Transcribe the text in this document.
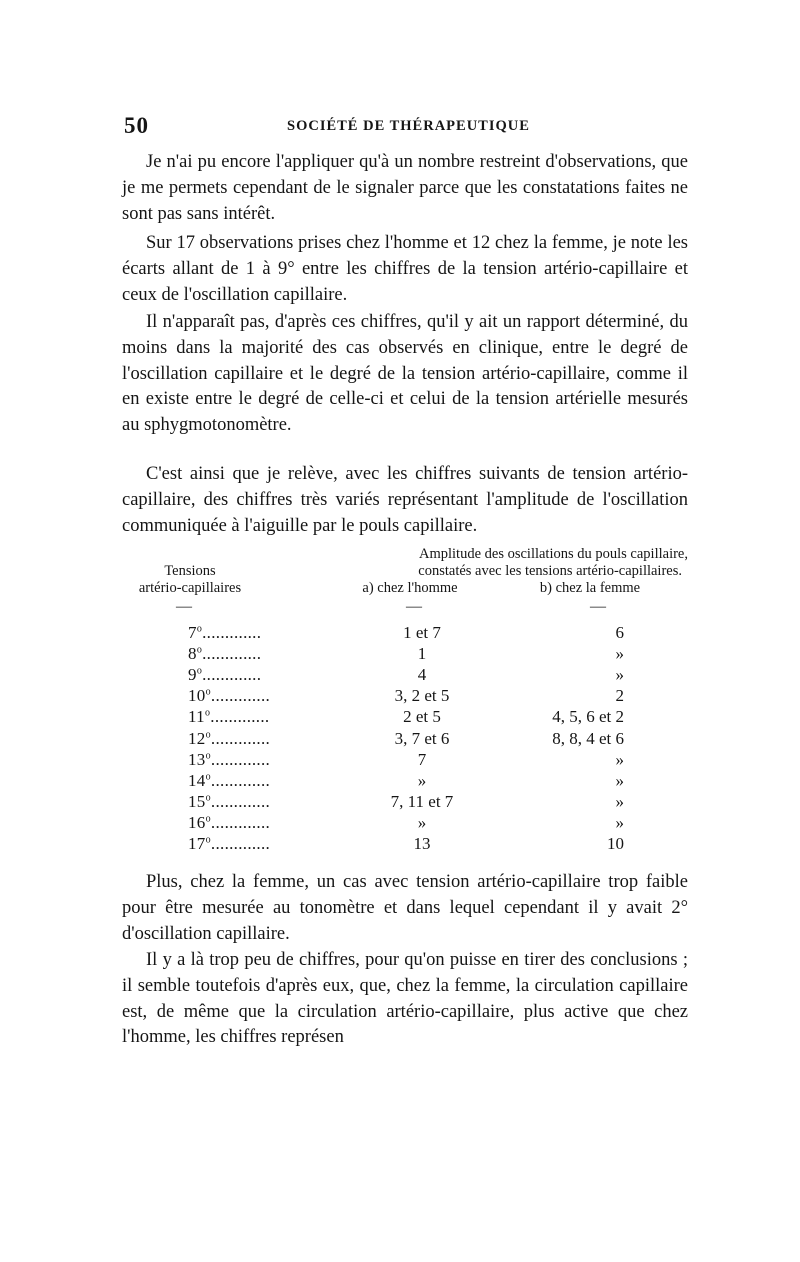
50	SOCIÉTÉ DE THÉRAPEUTIQUE

Je n'ai pu encore l'appliquer qu'à un nombre restreint d'observations, que je me permets cependant de le signaler parce que les constatations faites ne sont pas sans intérêt.

Sur 17 observations prises chez l'homme et 12 chez la femme, je note les écarts allant de 1 à 9° entre les chiffres de la tension artério-capillaire et ceux de l'oscillation capillaire.

Il n'apparaît pas, d'après ces chiffres, qu'il y ait un rapport déterminé, du moins dans la majorité des cas observés en clinique, entre le degré de l'oscillation capillaire et le degré de la tension artério-capillaire, comme il en existe entre le degré de celle-ci et celui de la tension artérielle mesurés au sphygmotonomètre.

C'est ainsi que je relève, avec les chiffres suivants de tension artério-capillaire, des chiffres très variés représentant l'amplitude de l'oscillation communiquée à l'aiguille par le pouls capillaire.

Amplitude des oscillations du pouls capillaire,
constatés avec les tensions artério-capillaires.
Tensions
artério-capillaires	a) chez l'homme	b) chez la femme
—	—	—
7$^o$.............	1 et 7	6
8$^o$.............	1	»
9$^o$.............	4	»
10$^o$.............	3, 2 et 5	2
11$^o$.............	2 et 5	4, 5, 6 et 2
12$^o$.............	3, 7 et 6	8, 8, 4 et 6
13$^o$.............	7	»
14$^o$.............	»	»
15$^o$.............	7, 11 et 7	»
16$^o$.............	»	»
17$^o$.............	13	10

Plus, chez la femme, un cas avec tension artério-capillaire trop faible pour être mesurée au tonomètre et dans lequel cependant il y avait 2° d'oscillation capillaire.

Il y a là trop peu de chiffres, pour qu'on puisse en tirer des conclusions ; il semble toutefois d'après eux, que, chez la femme, la circulation capillaire est, de même que la circulation artério-capillaire, plus active que chez l'homme, les chiffres représen
